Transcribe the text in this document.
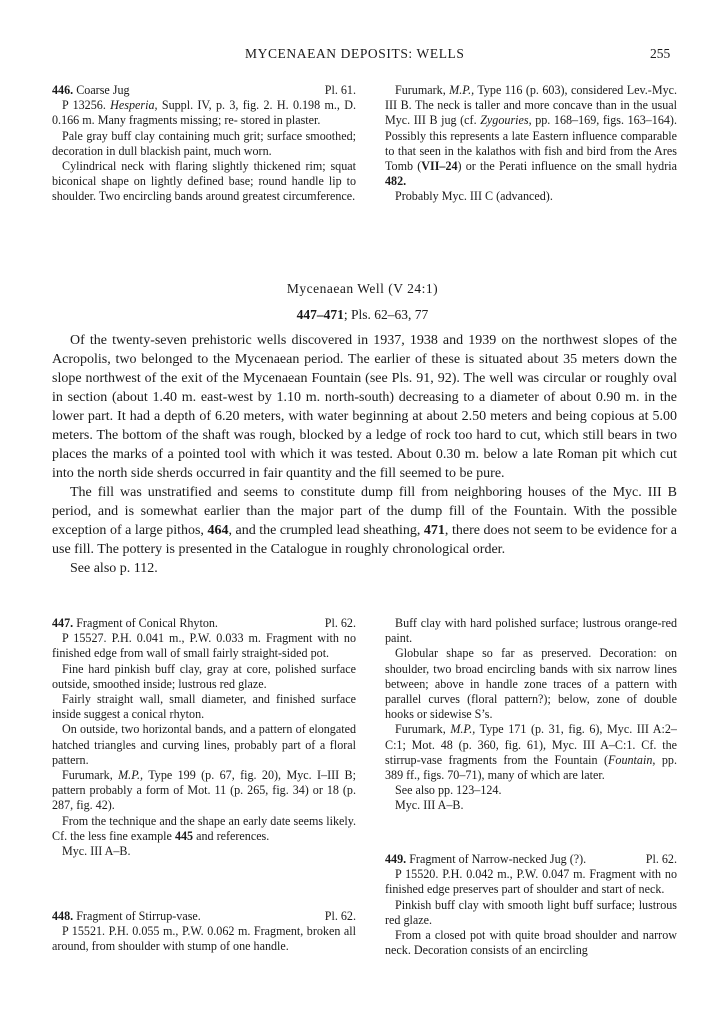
MYCENAEAN DEPOSITS: WELLS	255
446. Coarse Jug	Pl. 61.

P 13256. Hesperia, Suppl. IV, p. 3, fig. 2. H. 0.198 m., D. 0.166 m. Many fragments missing; re- stored in plaster.

Pale gray buff clay containing much grit; surface smoothed; decoration in dull blackish paint, much worn.

Cylindrical neck with flaring slightly thickened rim; squat biconical shape on lightly defined base; round handle lip to shoulder. Two encircling bands around greatest circumference.

Furumark, M.P., Type 116 (p. 603), considered Lev.-Myc. III B. The neck is taller and more concave than in the usual Myc. III B jug (cf. Zygouries, pp. 168–169, figs. 163–164). Possibly this represents a late Eastern influence comparable to that seen in the kalathos with fish and bird from the Ares Tomb (VII–24) or the Perati influence on the small hydria 482.

Probably Myc. III C (advanced).

Mycenaean Well (V 24:1)
447–471; Pls. 62–63, 77

Of the twenty-seven prehistoric wells discovered in 1937, 1938 and 1939 on the northwest slopes of the Acropolis, two belonged to the Mycenaean period. The earlier of these is situated about 35 meters down the slope northwest of the exit of the Mycenaean Fountain (see Pls. 91, 92). The well was circular or roughly oval in section (about 1.40 m. east-west by 1.10 m. north-south) decreasing to a diameter of about 0.90 m. in the lower part. It had a depth of 6.20 meters, with water beginning at about 2.50 meters and being copious at 5.00 meters. The bottom of the shaft was rough, blocked by a ledge of rock too hard to cut, which still bears in two places the marks of a pointed tool with which it was tested. About 0.30 m. below a late Roman pit which cut into the north side sherds occurred in fair quantity and the fill seemed to be pure.

The fill was unstratified and seems to constitute dump fill from neighboring houses of the Myc. III B period, and is somewhat earlier than the major part of the dump fill of the Fountain. With the possible exception of a large pithos, 464, and the crumpled lead sheathing, 471, there does not seem to be evidence for a use fill. The pottery is presented in the Catalogue in roughly chronological order.

See also p. 112.

447. Fragment of Conical Rhyton.	Pl. 62.

P 15527. P.H. 0.041 m., P.W. 0.033 m. Fragment with no finished edge from wall of small fairly straight-sided pot.

Fine hard pinkish buff clay, gray at core, polished surface outside, smoothed inside; lustrous red glaze.

Fairly straight wall, small diameter, and finished surface inside suggest a conical rhyton.

On outside, two horizontal bands, and a pattern of elongated hatched triangles and curving lines, probably part of a floral pattern.

Furumark, M.P., Type 199 (p. 67, fig. 20), Myc. I–III B; pattern probably a form of Mot. 11 (p. 265, fig. 34) or 18 (p. 287, fig. 42).

From the technique and the shape an early date seems likely. Cf. the less fine example 445 and references.

Myc. III A–B.

448. Fragment of Stirrup-vase.	Pl. 62.

P 15521. P.H. 0.055 m., P.W. 0.062 m. Fragment, broken all around, from shoulder with stump of one handle.

Buff clay with hard polished surface; lustrous orange-red paint.

Globular shape so far as preserved. Decoration: on shoulder, two broad encircling bands with six narrow lines between; above in handle zone traces of a pattern with parallel curves (floral pattern?); below, zone of double hooks or sidewise S’s.

Furumark, M.P., Type 171 (p. 31, fig. 6), Myc. III A:2–C:1; Mot. 48 (p. 360, fig. 61), Myc. III A–C:1. Cf. the stirrup-vase fragments from the Fountain (Fountain, pp. 389 ff., figs. 70–71), many of which are later.

See also pp. 123–124.

Myc. III A–B.

449. Fragment of Narrow-necked Jug (?).	Pl. 62.

P 15520. P.H. 0.042 m., P.W. 0.047 m. Fragment with no finished edge preserves part of shoulder and start of neck.

Pinkish buff clay with smooth light buff surface; lustrous red glaze.

From a closed pot with quite broad shoulder and narrow neck. Decoration consists of an encircling
